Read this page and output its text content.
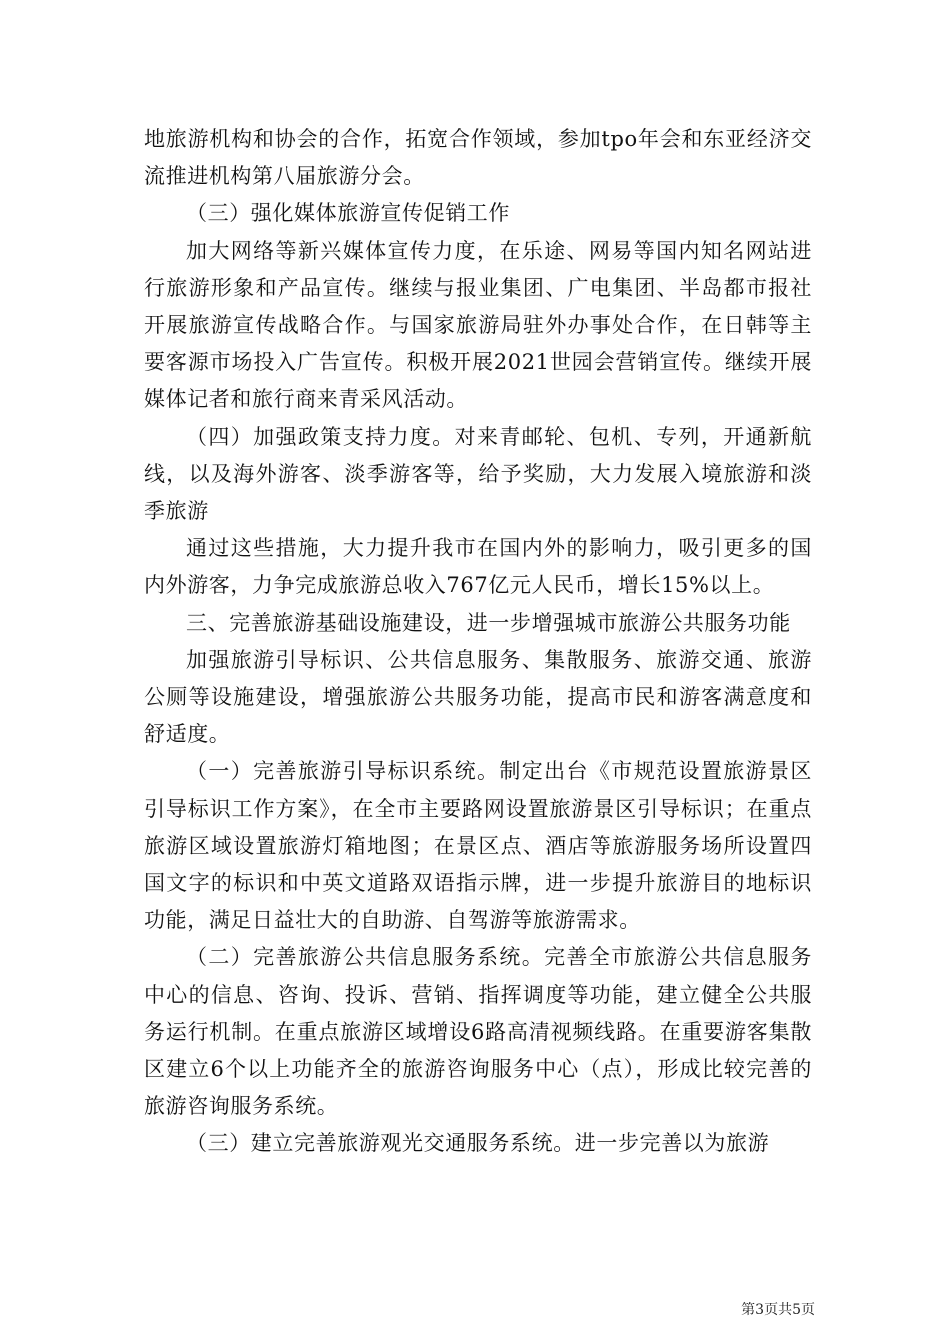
地旅游机构和协会的合作，拓宽合作领域，参加tpo年会和东亚经济交流推进机构第八届旅游分会。

（三）强化媒体旅游宣传促销工作

加大网络等新兴媒体宣传力度，在乐途、网易等国内知名网站进行旅游形象和产品宣传。继续与报业集团、广电集团、半岛都市报社开展旅游宣传战略合作。与国家旅游局驻外办事处合作，在日韩等主要客源市场投入广告宣传。积极开展2021世园会营销宣传。继续开展媒体记者和旅行商来青采风活动。

（四）加强政策支持力度。对来青邮轮、包机、专列，开通新航线，以及海外游客、淡季游客等，给予奖励，大力发展入境旅游和淡季旅游

通过这些措施，大力提升我市在国内外的影响力，吸引更多的国内外游客，力争完成旅游总收入767亿元人民币，增长15%以上。

三、完善旅游基础设施建设，进一步增强城市旅游公共服务功能

加强旅游引导标识、公共信息服务、集散服务、旅游交通、旅游公厕等设施建设，增强旅游公共服务功能，提高市民和游客满意度和舒适度。

（一）完善旅游引导标识系统。制定出台《市规范设置旅游景区引导标识工作方案》，在全市主要路网设置旅游景区引导标识；在重点旅游区域设置旅游灯箱地图；在景区点、酒店等旅游服务场所设置四国文字的标识和中英文道路双语指示牌，进一步提升旅游目的地标识功能，满足日益壮大的自助游、自驾游等旅游需求。

（二）完善旅游公共信息服务系统。完善全市旅游公共信息服务中心的信息、咨询、投诉、营销、指挥调度等功能，建立健全公共服务运行机制。在重点旅游区域增设6路高清视频线路。在重要游客集散区建立6个以上功能齐全的旅游咨询服务中心（点），形成比较完善的旅游咨询服务系统。

（三）建立完善旅游观光交通服务系统。进一步完善以为旅游

第3页共5页
